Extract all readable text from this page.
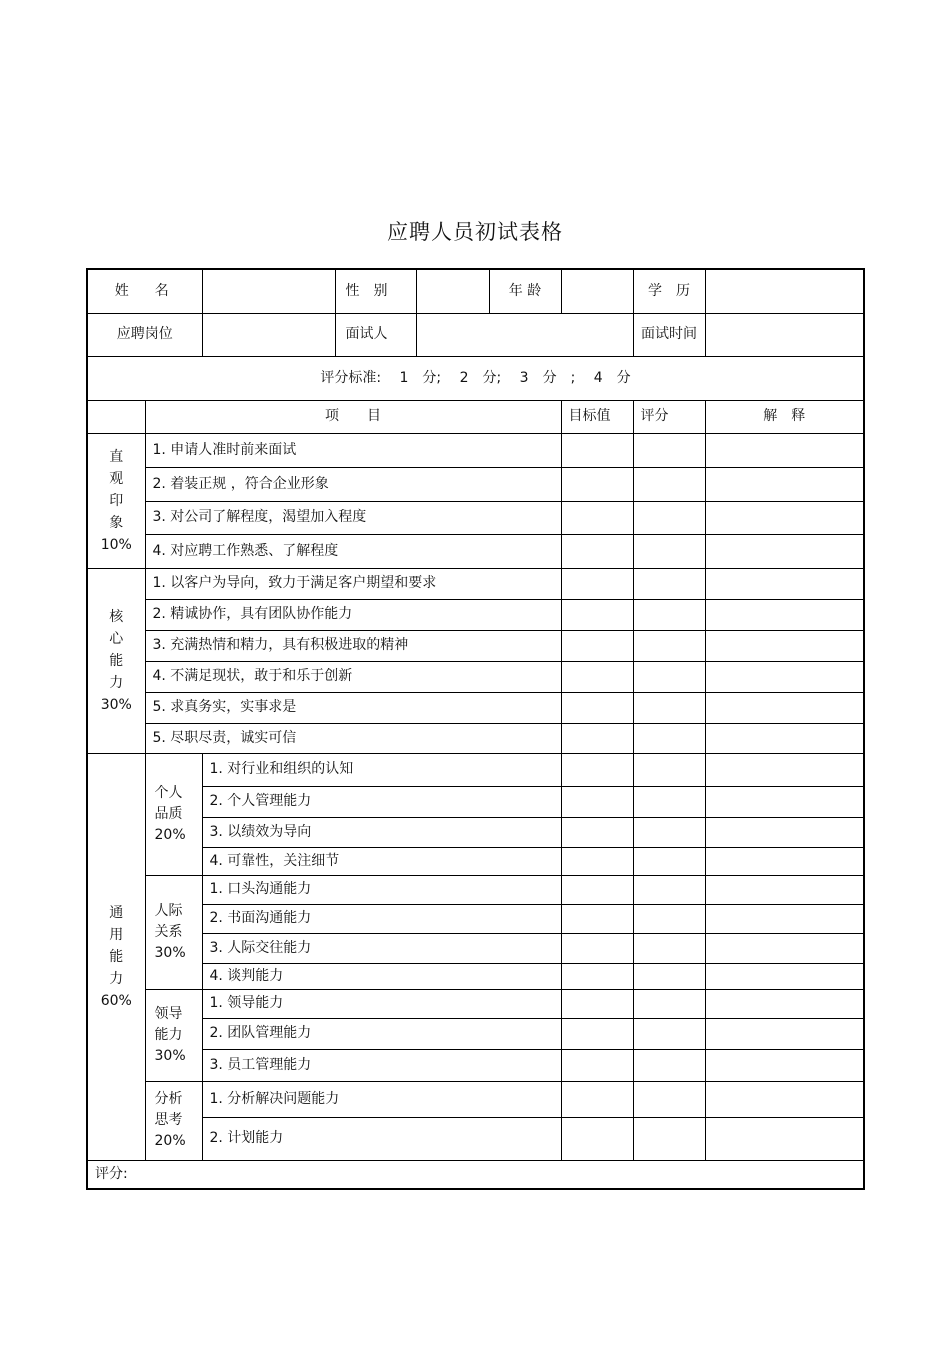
应聘人员初试表格
姓　名			性　别		年 龄		学　历	
应聘岗位			面试人				面试时间	
评分标准: 1　分; 2　分; 3　分　; 4　分								
	项　　目					目标值	评分	解　释

直
观
印
象
10%	1. 申请人准时前来面试							
	2. 着装正规 ，符合企业形象							
	3. 对公司了解程度，渴望加入程度							
	4. 对应聘工作熟悉、了解程度							

核
心
能
力
30%	1. 以客户为导向，致力于满足客户期望和要求							
	2. 精诚协作，具有团队协作能力							
	3. 充满热情和精力，具有积极进取的精神							
	4. 不满足现状，敢于和乐于创新							
	5. 求真务实，实事求是							
	5. 尽职尽责，诚实可信							

通
用
能
力
60%	个人
品质
20%	1. 对行业和组织的认知						
		2. 个人管理能力						
		3. 以绩效为导向						
		4. 可靠性，关注细节						

	人际
关系
30%	1. 口头沟通能力						
		2. 书面沟通能力						
		3. 人际交往能力						
		4. 谈判能力						

	领导
能力
30%	1. 领导能力						
		2. 团队管理能力						
		3. 员工管理能力						

	分析
思考
20%	1. 分析解决问题能力						
		2. 计划能力						
评分:								
